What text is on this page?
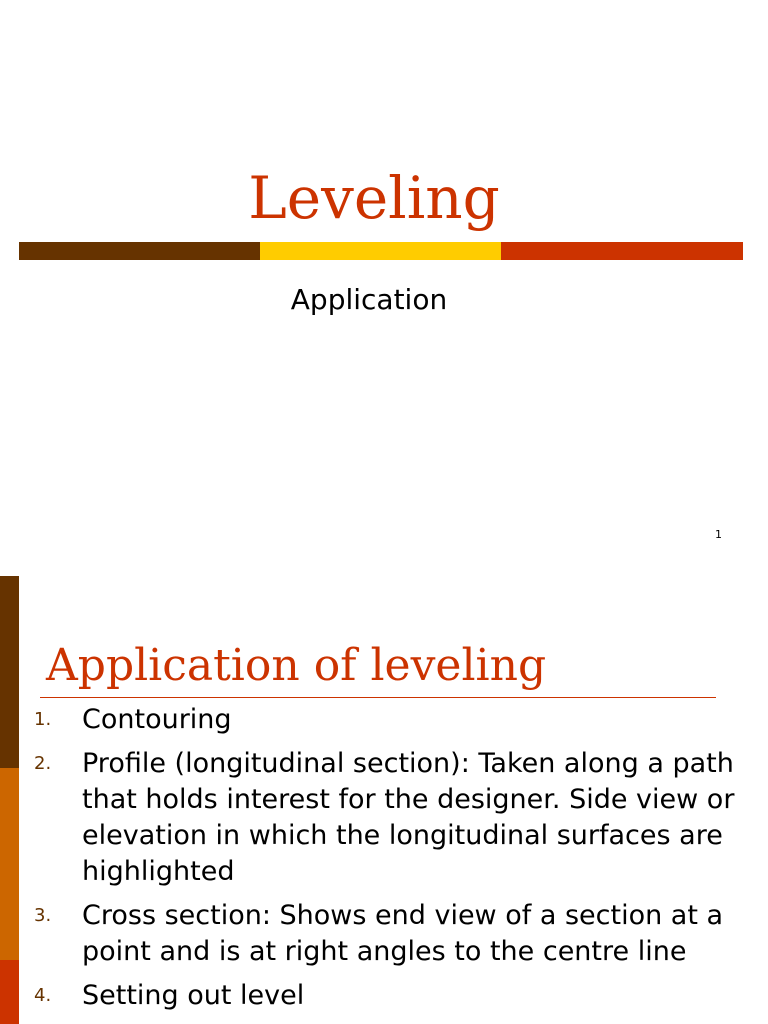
Leveling
Application
1
Application of leveling
1. Contouring
2. Profile (longitudinal section): Taken along a path that holds interest for the designer. Side view or elevation in which the longitudinal surfaces are highlighted
3. Cross section: Shows end view of a section at a point and is at right angles to the centre line
4. Setting out level
